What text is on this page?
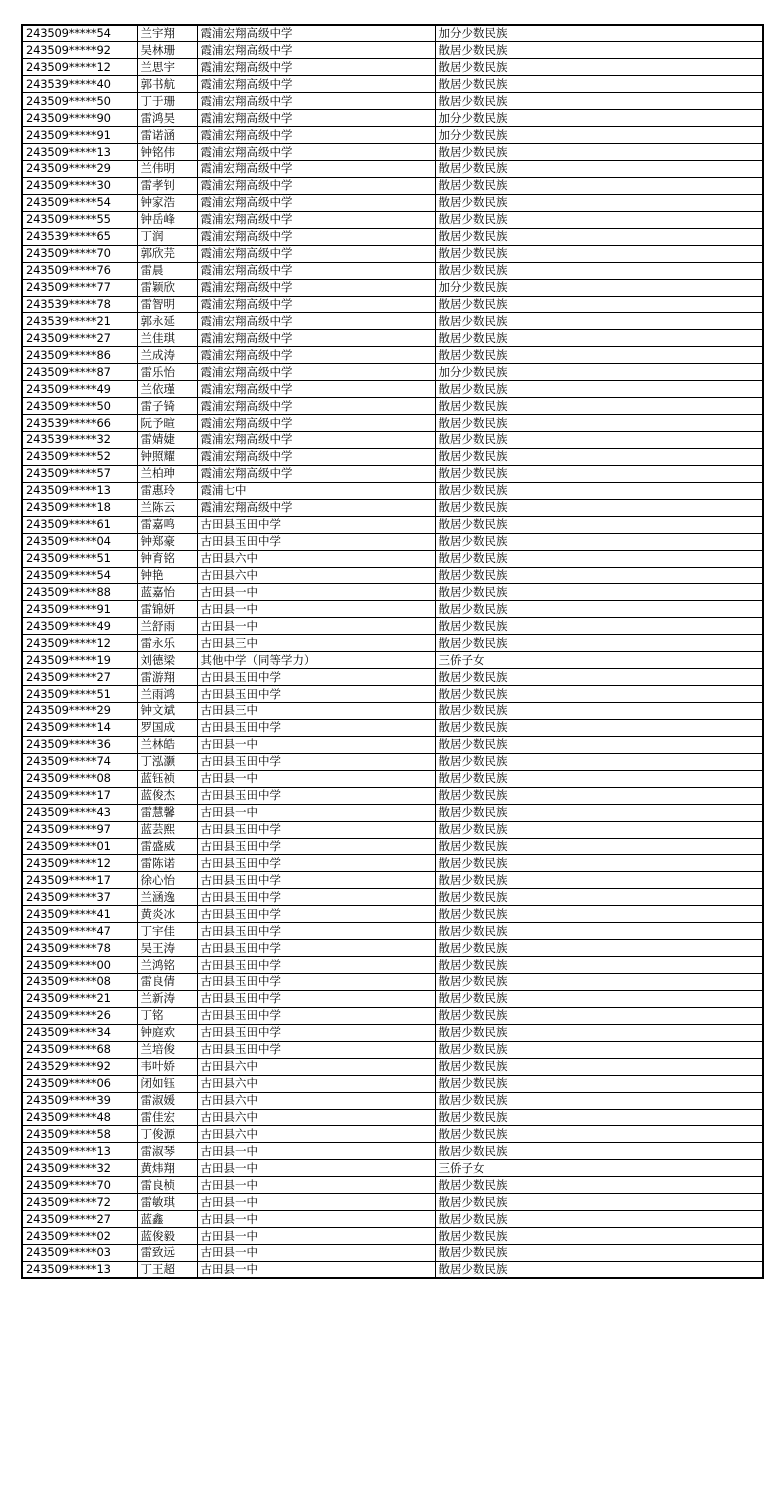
243509*****54	兰宇翔	霞浦宏翔高级中学	加分少数民族
243509*****92	吴林珊	霞浦宏翔高级中学	散居少数民族
243509*****12	兰思宇	霞浦宏翔高级中学	散居少数民族
243539*****40	郭书航	霞浦宏翔高级中学	散居少数民族
243509*****50	丁于珊	霞浦宏翔高级中学	散居少数民族
243509*****90	雷鸿昊	霞浦宏翔高级中学	加分少数民族
243509*****91	雷诺涵	霞浦宏翔高级中学	加分少数民族
243509*****13	钟铭伟	霞浦宏翔高级中学	散居少数民族
243509*****29	兰伟明	霞浦宏翔高级中学	散居少数民族
243509*****30	雷孝钊	霞浦宏翔高级中学	散居少数民族
243509*****54	钟家浩	霞浦宏翔高级中学	散居少数民族
243509*****55	钟岳峰	霞浦宏翔高级中学	散居少数民族
243539*****65	丁润	霞浦宏翔高级中学	散居少数民族
243509*****70	郭欣芫	霞浦宏翔高级中学	散居少数民族
243509*****76	雷晨	霞浦宏翔高级中学	散居少数民族
243509*****77	雷颖欣	霞浦宏翔高级中学	加分少数民族
243539*****78	雷智明	霞浦宏翔高级中学	散居少数民族
243539*****21	郭永延	霞浦宏翔高级中学	散居少数民族
243509*****27	兰佳琪	霞浦宏翔高级中学	散居少数民族
243509*****86	兰成涛	霞浦宏翔高级中学	散居少数民族
243509*****87	雷乐怡	霞浦宏翔高级中学	加分少数民族
243509*****49	兰依瑾	霞浦宏翔高级中学	散居少数民族
243509*****50	雷子锜	霞浦宏翔高级中学	散居少数民族
243539*****66	阮予暄	霞浦宏翔高级中学	散居少数民族
243539*****32	雷婧婕	霞浦宏翔高级中学	散居少数民族
243509*****52	钟照耀	霞浦宏翔高级中学	散居少数民族
243509*****57	兰柏珅	霞浦宏翔高级中学	散居少数民族
243509*****13	雷惠玲	霞浦七中	散居少数民族
243509*****18	兰陈云	霞浦宏翔高级中学	散居少数民族
243509*****61	雷嘉鸣	古田县玉田中学	散居少数民族
243509*****04	钟郑豪	古田县玉田中学	散居少数民族
243509*****51	钟育铭	古田县六中	散居少数民族
243509*****54	钟艳	古田县六中	散居少数民族
243509*****88	蓝嘉怡	古田县一中	散居少数民族
243509*****91	雷锦妍	古田县一中	散居少数民族
243509*****49	兰舒雨	古田县一中	散居少数民族
243509*****12	雷永乐	古田县三中	散居少数民族
243509*****19	刘德梁	其他中学（同等学力）	三侨子女
243509*****27	雷游翔	古田县玉田中学	散居少数民族
243509*****51	兰雨鸿	古田县玉田中学	散居少数民族
243509*****29	钟文斌	古田县三中	散居少数民族
243509*****14	罗国成	古田县玉田中学	散居少数民族
243509*****36	兰林皓	古田县一中	散居少数民族
243509*****74	丁泓灏	古田县玉田中学	散居少数民族
243509*****08	蓝钰祯	古田县一中	散居少数民族
243509*****17	蓝俊杰	古田县玉田中学	散居少数民族
243509*****43	雷慧馨	古田县一中	散居少数民族
243509*****97	蓝芸熙	古田县玉田中学	散居少数民族
243509*****01	雷盛威	古田县玉田中学	散居少数民族
243509*****12	雷陈诺	古田县玉田中学	散居少数民族
243509*****17	徐心怡	古田县玉田中学	散居少数民族
243509*****37	兰涵逸	古田县玉田中学	散居少数民族
243509*****41	黄炎冰	古田县玉田中学	散居少数民族
243509*****47	丁宇佳	古田县玉田中学	散居少数民族
243509*****78	吴王涛	古田县玉田中学	散居少数民族
243509*****00	兰鸿铭	古田县玉田中学	散居少数民族
243509*****08	雷良倩	古田县玉田中学	散居少数民族
243509*****21	兰新涛	古田县玉田中学	散居少数民族
243509*****26	丁铭	古田县玉田中学	散居少数民族
243509*****34	钟庭欢	古田县玉田中学	散居少数民族
243509*****68	兰培俊	古田县玉田中学	散居少数民族
243529*****92	韦叶娇	古田县六中	散居少数民族
243509*****06	闭如钰	古田县六中	散居少数民族
243509*****39	雷淑媛	古田县六中	散居少数民族
243509*****48	雷佳宏	古田县六中	散居少数民族
243509*****58	丁俊源	古田县六中	散居少数民族
243509*****13	雷淑琴	古田县一中	散居少数民族
243509*****32	黄炜翔	古田县一中	三侨子女
243509*****70	雷良桢	古田县一中	散居少数民族
243509*****72	雷敏琪	古田县一中	散居少数民族
243509*****27	蓝鑫	古田县一中	散居少数民族
243509*****02	蓝俊毅	古田县一中	散居少数民族
243509*****03	雷致远	古田县一中	散居少数民族
243509*****13	丁王超	古田县一中	散居少数民族
